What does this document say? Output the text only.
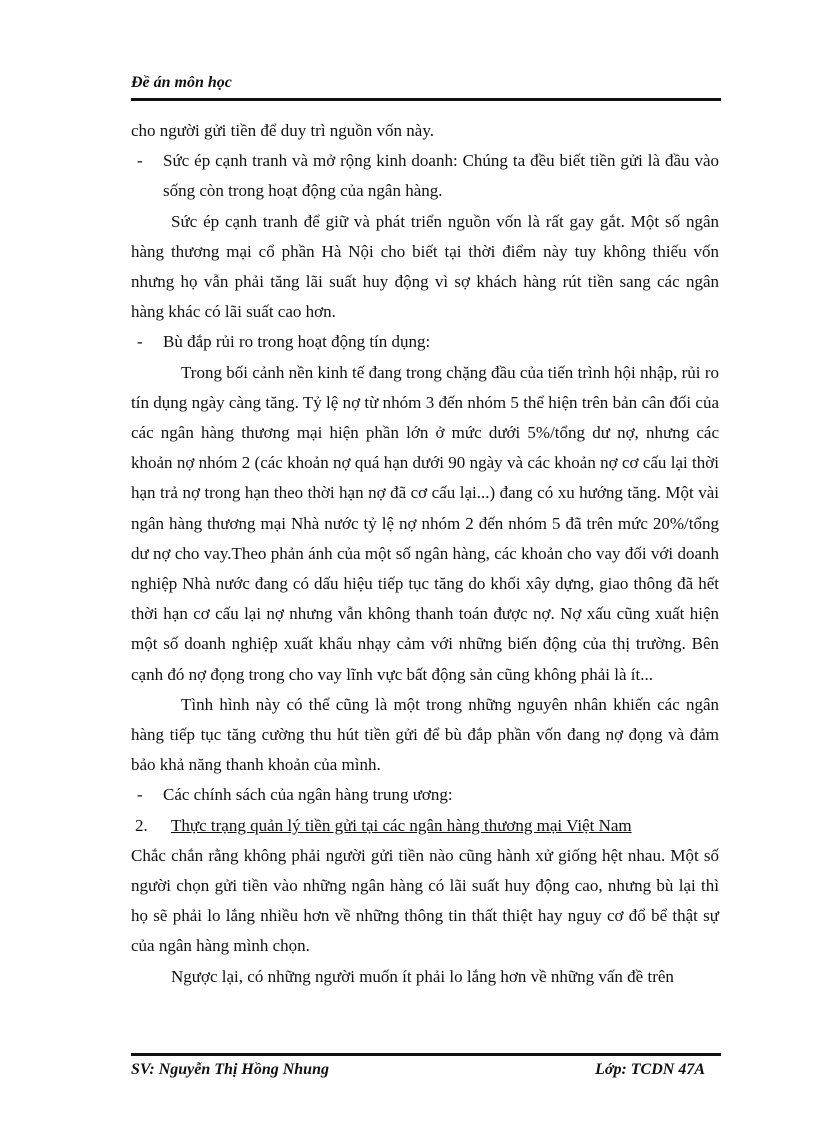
Đề án môn học

cho người gửi tiền để duy trì nguồn vốn này.

- Sức ép cạnh tranh và mở rộng kinh doanh: Chúng ta đều biết tiền gửi là đầu vào sống còn trong hoạt động của ngân hàng.

Sức ép cạnh tranh để giữ và phát triển nguồn vốn là rất gay gắt. Một số ngân hàng thương mại cổ phần Hà Nội cho biết tại thời điểm này tuy không thiếu vốn nhưng họ vẫn phải tăng lãi suất huy động vì sợ khách hàng rút tiền sang các ngân hàng khác có lãi suất cao hơn.

- Bù đắp rủi ro trong hoạt động tín dụng:

Trong bối cảnh nền kinh tế đang trong chặng đầu của tiến trình hội nhập, rủi ro tín dụng ngày càng tăng. Tỷ lệ nợ từ nhóm 3 đến nhóm 5 thể hiện trên bản cân đối của các ngân hàng thương mại hiện phần lớn ở mức dưới 5%/tổng dư nợ, nhưng các khoản nợ nhóm 2 (các khoản nợ quá hạn dưới 90 ngày và các khoản nợ cơ cấu lại thời hạn trả nợ trong hạn theo thời hạn nợ đã cơ cấu lại...) đang có xu hướng tăng. Một vài ngân hàng thương mại Nhà nước tỷ lệ nợ nhóm 2 đến nhóm 5 đã trên mức 20%/tổng dư nợ cho vay.Theo phản ánh của một số ngân hàng, các khoản cho vay đối với doanh nghiệp Nhà nước đang có dấu hiệu tiếp tục tăng do khối xây dựng, giao thông đã hết thời hạn cơ cấu lại nợ nhưng vẫn không thanh toán được nợ. Nợ xấu cũng xuất hiện một số doanh nghiệp xuất khẩu nhạy cảm với những biến động của thị trường. Bên cạnh đó nợ đọng trong cho vay lĩnh vực bất động sản cũng không phải là ít...

Tình hình này có thể cũng là một trong những nguyên nhân khiến các ngân hàng tiếp tục tăng cường thu hút tiền gửi để bù đắp phần vốn đang nợ đọng và đảm bảo khả năng thanh khoản của mình.

- Các chính sách của ngân hàng trung ương:

2. Thực trạng quản lý tiền gửi tại các ngân hàng thương mại Việt Nam

Chắc chắn rằng không phải người gửi tiền nào cũng hành xử giống hệt nhau. Một số người chọn gửi tiền vào những ngân hàng có lãi suất huy động cao, nhưng bù lại thì họ sẽ phải lo lắng nhiều hơn về những thông tin thất thiệt hay nguy cơ đổ bể thật sự của ngân hàng mình chọn.

Ngược lại, có những người muốn ít phải lo lắng hơn về những vấn đề trên

SV: Nguyễn Thị Hồng Nhung	Lớp: TCDN 47A
